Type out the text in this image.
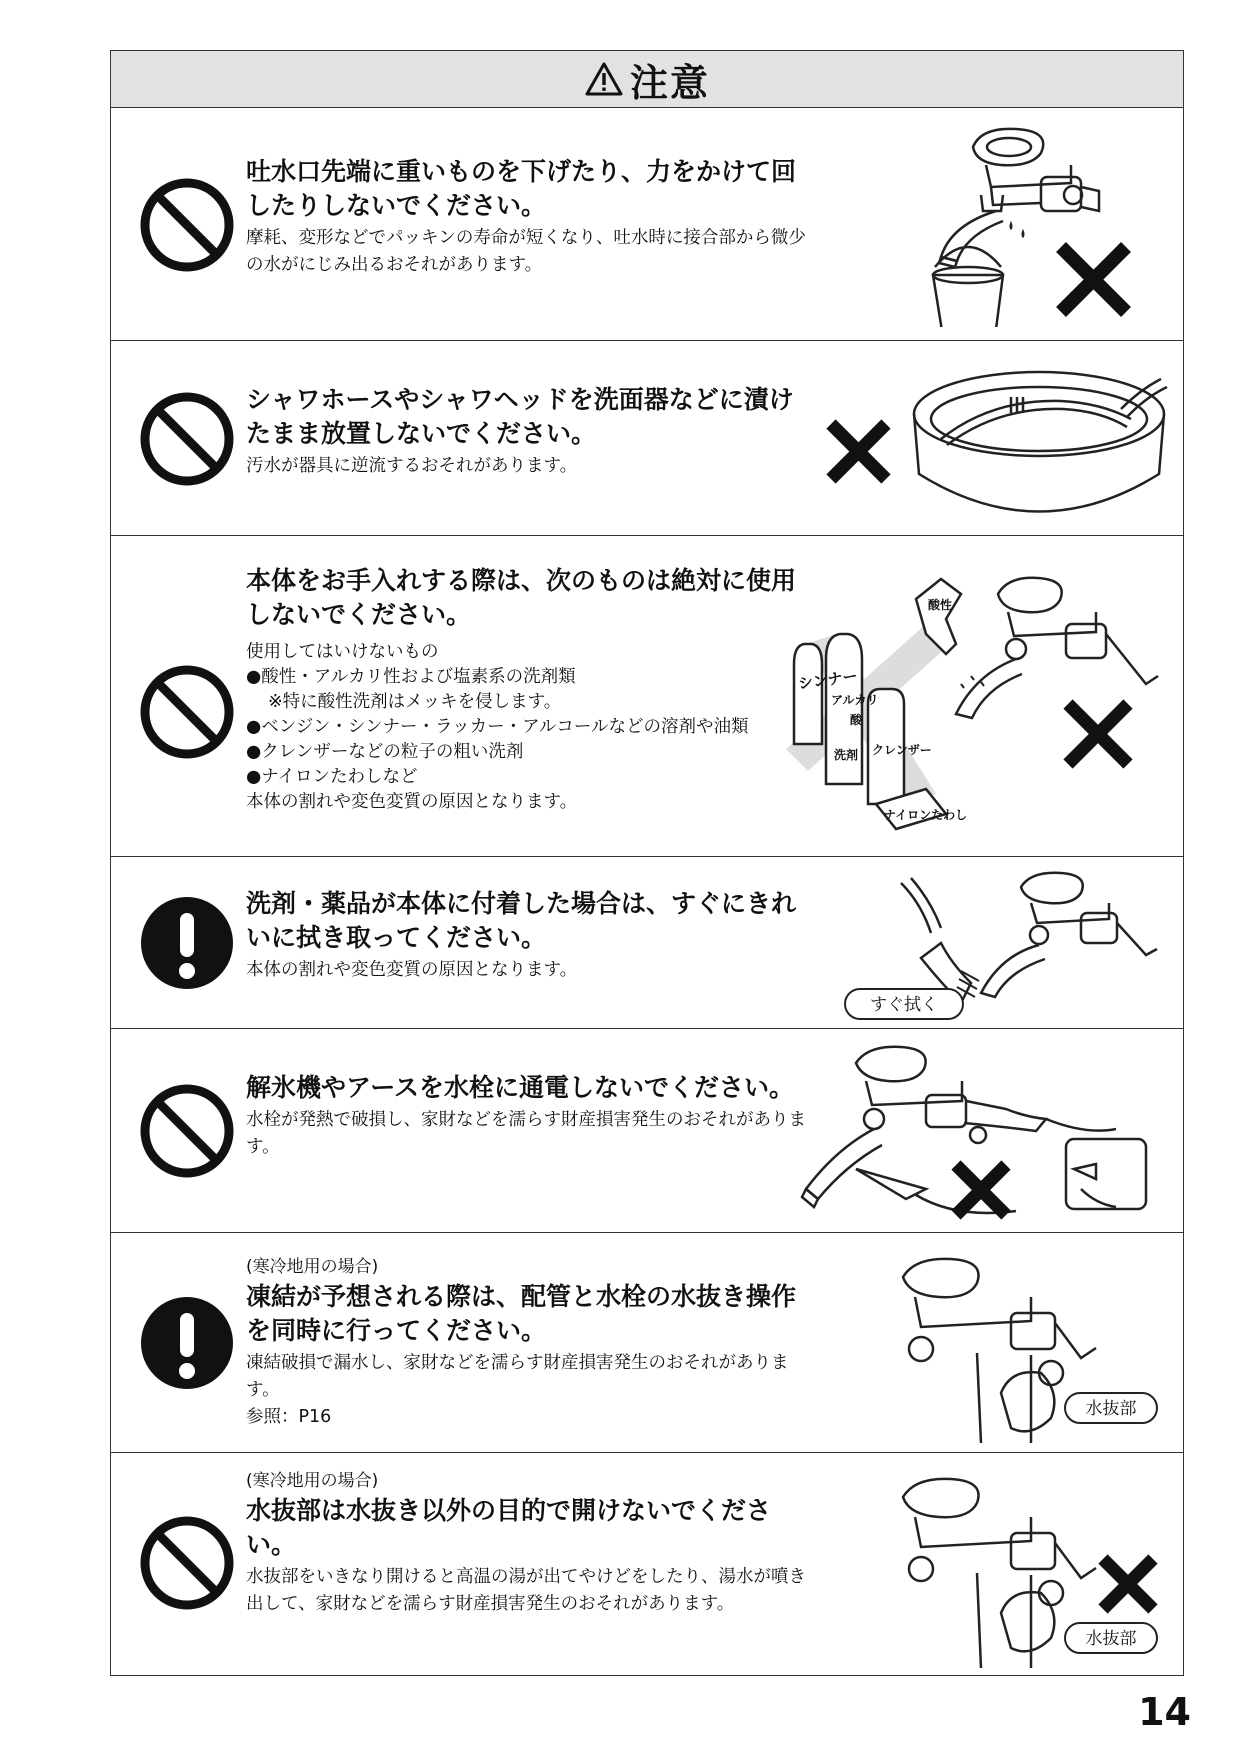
注意
吐水口先端に重いものを下げたり、力をかけて回したりしないでください。

摩耗、変形などでパッキンの寿命が短くなり、吐水時に接合部から微少の水がにじみ出るおそれがあります。

シャワホースやシャワヘッドを洗面器などに漬けたまま放置しないでください。

汚水が器具に逆流するおそれがあります。

本体をお手入れする際は、次のものは絶対に使用しないでください。

使用してはいけないもの

●酸性・アルカリ性および塩素系の洗剤類

※特に酸性洗剤はメッキを侵します。

●ベンジン・シンナー・ラッカー・アルコールなどの溶剤や油類

●クレンザーなどの粒子の粗い洗剤

●ナイロンたわしなど

本体の割れや変色変質の原因となります。

シンナー
アルカリ
酸
洗剤 クレンザー
ナイロンたわし
酸性
洗剤・薬品が本体に付着した場合は、すぐにきれいに拭き取ってください。

本体の割れや変色変質の原因となります。

すぐ拭く
解氷機やアースを水栓に通電しないでください。

水栓が発熱で破損し、家財などを濡らす財産損害発生のおそれがあります。

(寒冷地用の場合)
凍結が予想される際は、配管と水栓の水抜き操作を同時に行ってください。

凍結破損で漏水し、家財などを濡らす財産損害発生のおそれがあります。

参照：P16	水抜部
(寒冷地用の場合)
水抜部は水抜き以外の目的で開けないでください。

水抜部をいきなり開けると高温の湯が出てやけどをしたり、湯水が噴き出して、家財などを濡らす財産損害発生のおそれがあります。

水抜部
14
